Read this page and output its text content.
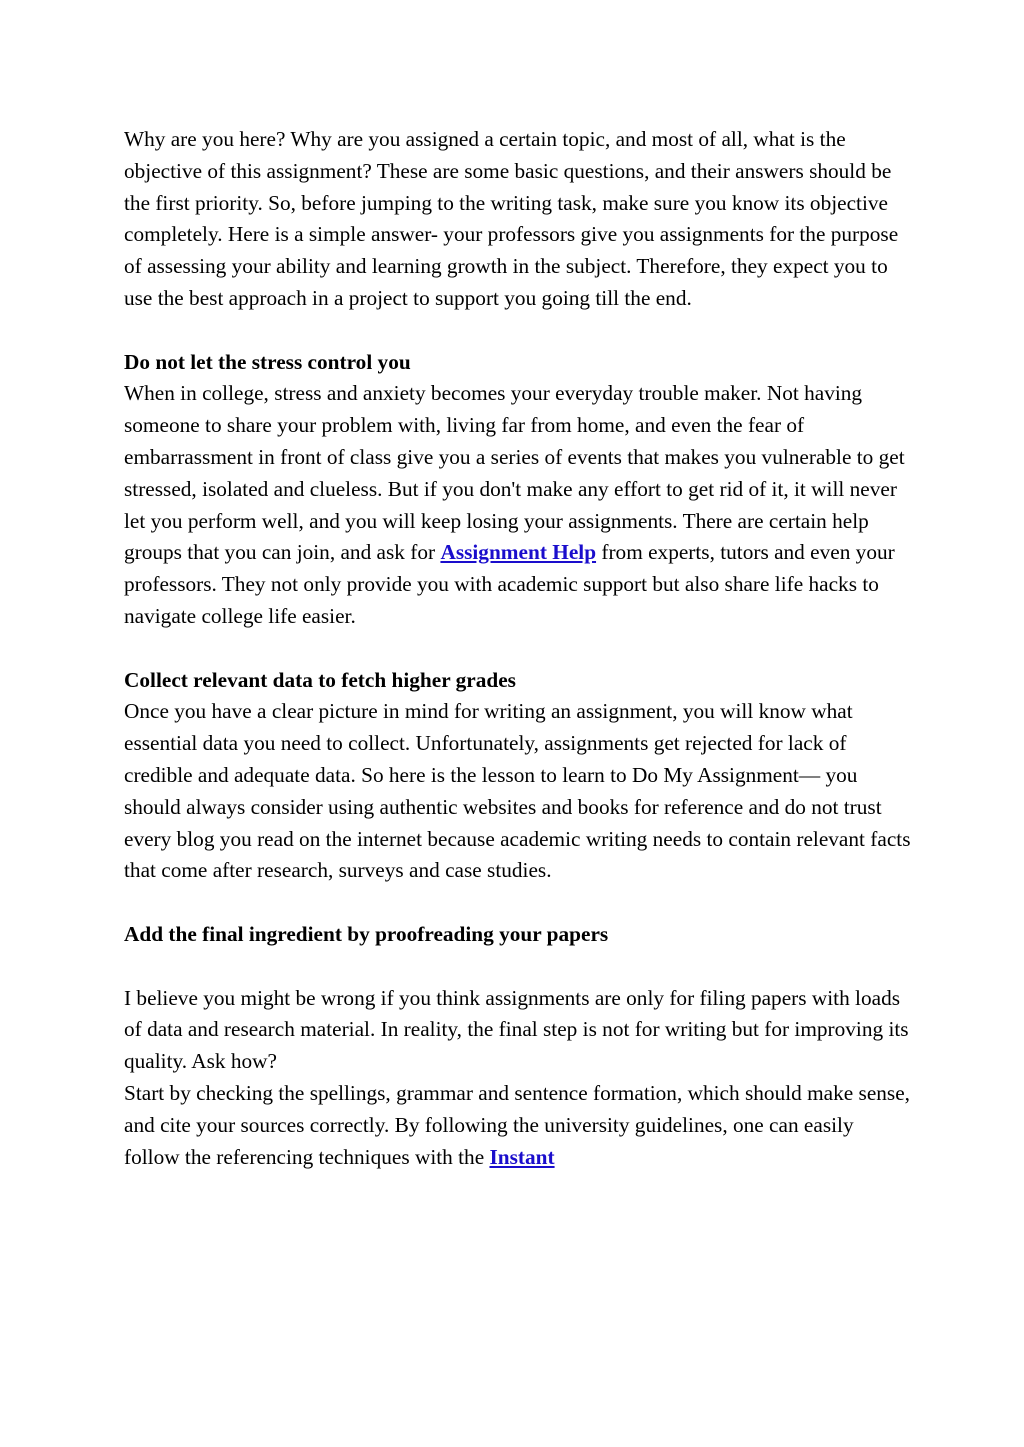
Why are you here? Why are you assigned a certain topic, and most of all, what is the objective of this assignment? These are some basic questions, and their answers should be the first priority. So, before jumping to the writing task, make sure you know its objective completely. Here is a simple answer- your professors give you assignments for the purpose of assessing your ability and learning growth in the subject. Therefore, they expect you to use the best approach in a project to support you going till the end.

Do not let the stress control you

When in college, stress and anxiety becomes your everyday trouble maker. Not having someone to share your problem with, living far from home, and even the fear of embarrassment in front of class give you a series of events that makes you vulnerable to get stressed, isolated and clueless. But if you don't make any effort to get rid of it, it will never let you perform well, and you will keep losing your assignments. There are certain help groups that you can join, and ask for Assignment Help from experts, tutors and even your professors. They not only provide you with academic support but also share life hacks to navigate college life easier.

Collect relevant data to fetch higher grades

Once you have a clear picture in mind for writing an assignment, you will know what essential data you need to collect. Unfortunately, assignments get rejected for lack of credible and adequate data. So here is the lesson to learn to Do My Assignment— you should always consider using authentic websites and books for reference and do not trust every blog you read on the internet because academic writing needs to contain relevant facts that come after research, surveys and case studies.

Add the final ingredient by proofreading your papers

I believe you might be wrong if you think assignments are only for filing papers with loads of data and research material. In reality, the final step is not for writing but for improving its quality. Ask how?

Start by checking the spellings, grammar and sentence formation, which should make sense, and cite your sources correctly. By following the university guidelines, one can easily follow the referencing techniques with the Instant
